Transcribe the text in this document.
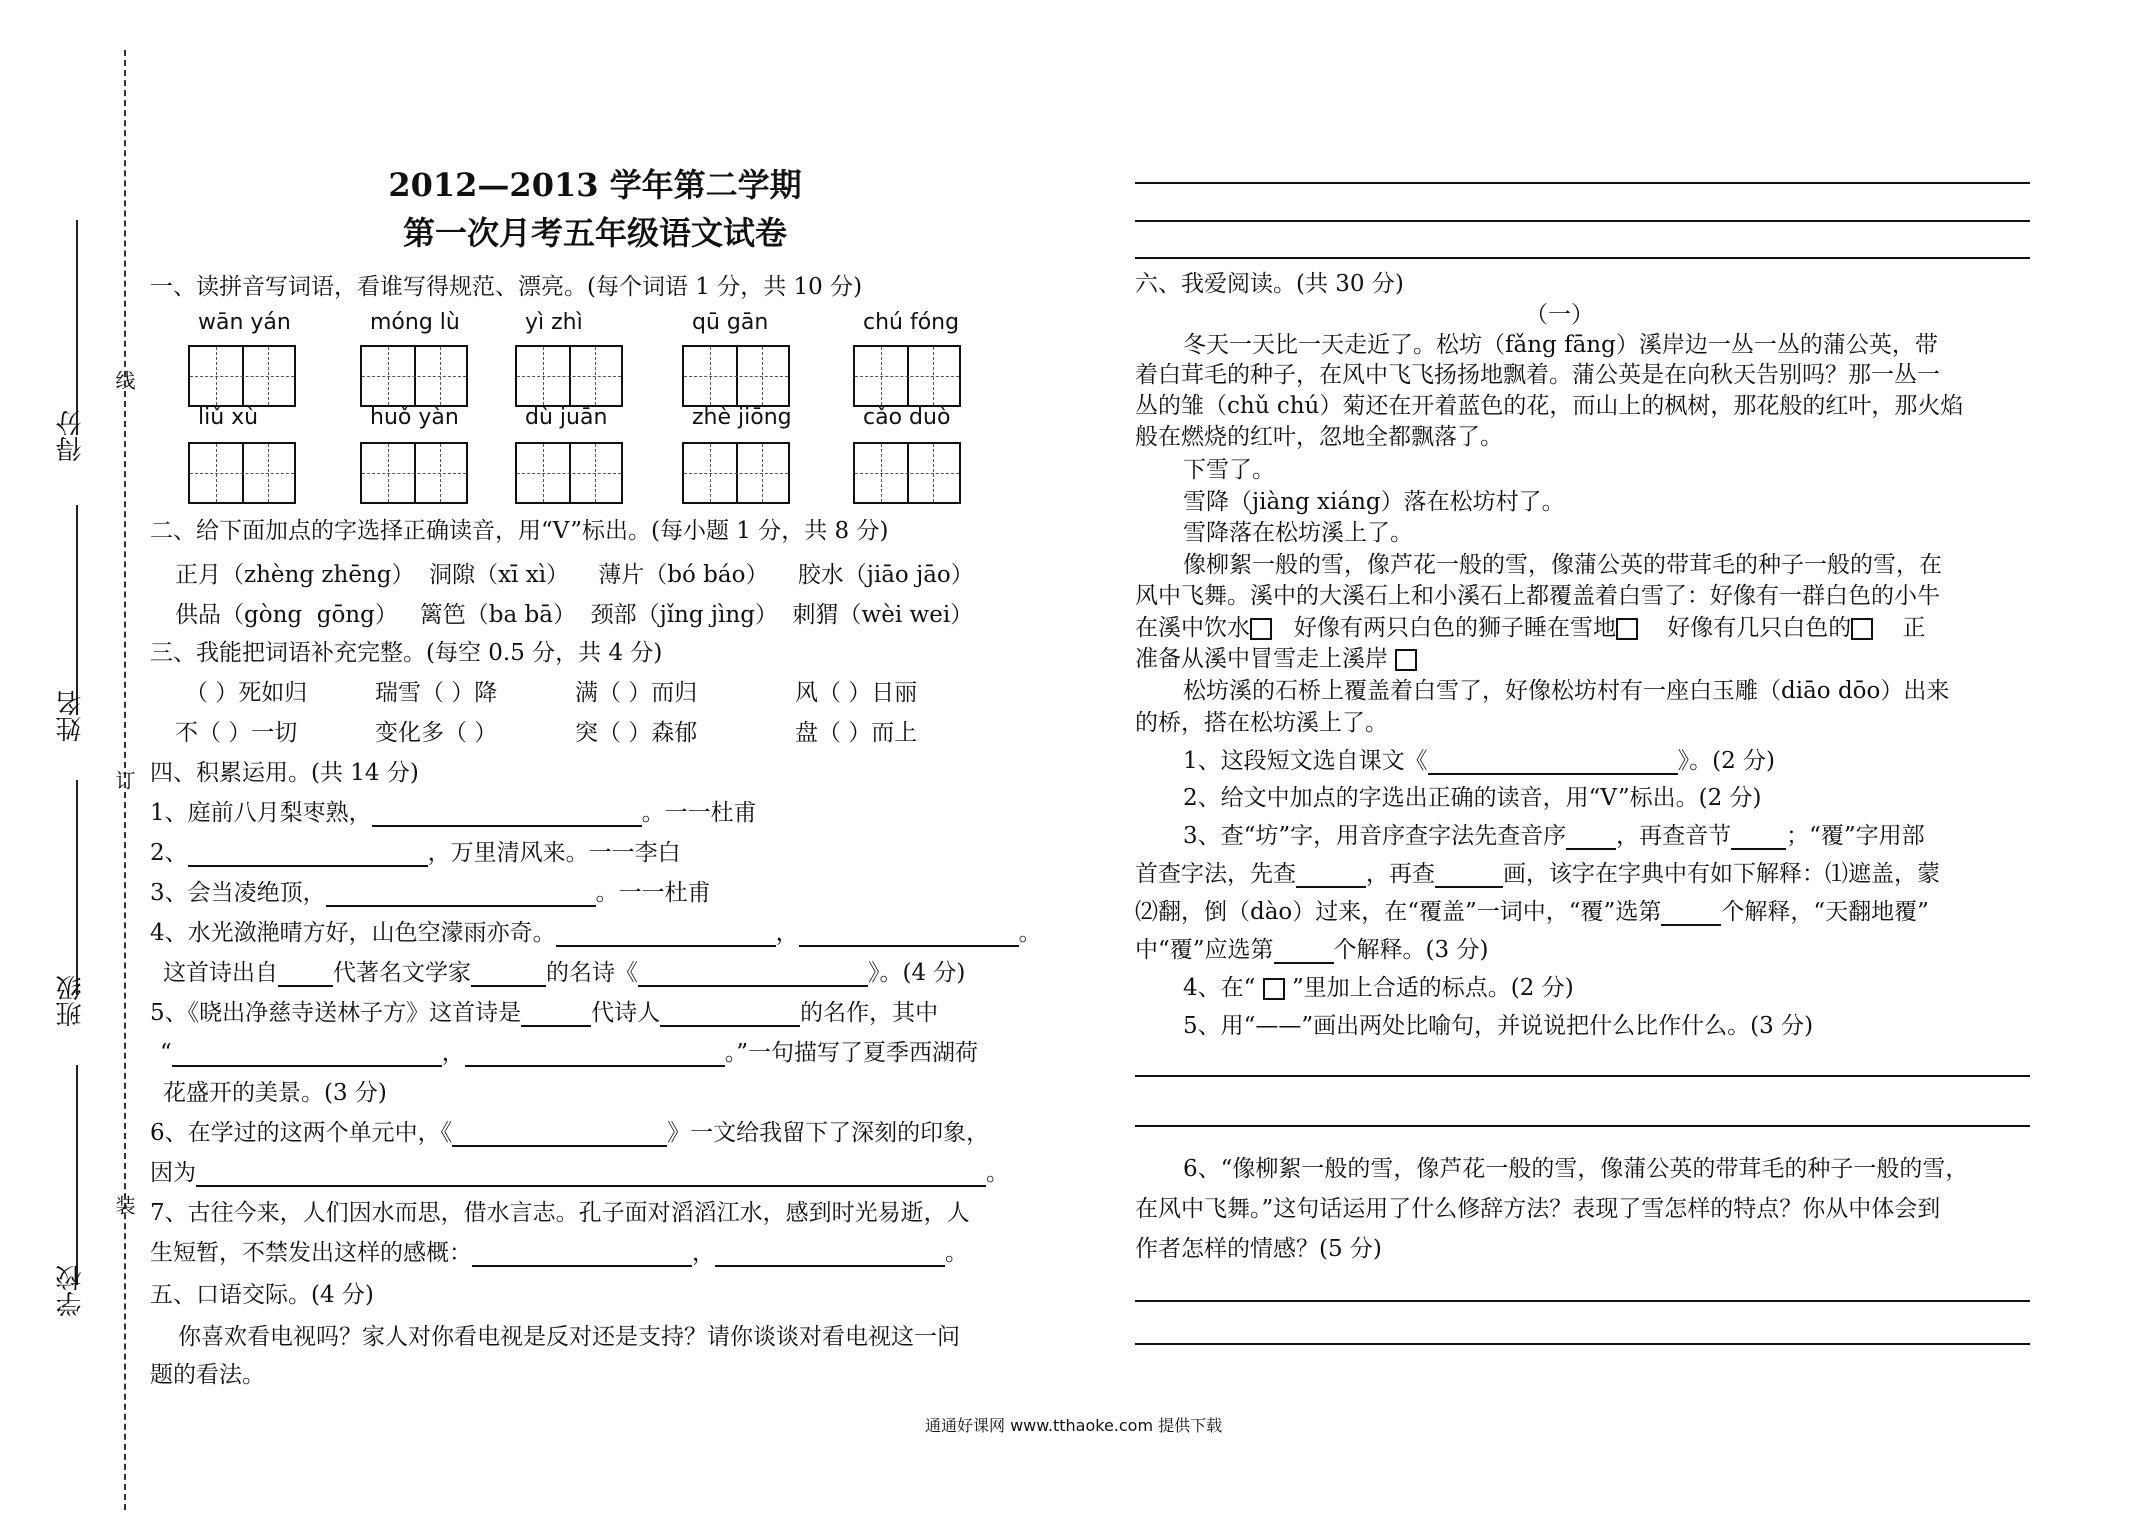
得分
姓名
班级
学校
线
订
装
2012—2013 学年第二学期
第一次月考五年级语文试卷
一、读拼音写词语，看谁写得规范、漂亮。(每个词语 1 分，共 10 分)
wān yán	móng lù	yì zhì	qū gān	chú fóng
liǔ xù	huǒ yàn	dù juān	zhè jiōng	cǎo duò
二、给下面加点的字选择正确读音，用“V”标出。(每小题 1 分，共 8 分)
正月（zhèng zhēng）  洞隙（xī xì）    薄片（bó báo）    胶水（jiāo jāo）
供品（gòng  gōng）   篱笆（ba bā）  颈部（jǐng jìng）  刺猬（wèi wei）
三、我能把词语补充完整。(每空 0.5 分，共 4 分)
（ ）死如归	瑞雪（ ）降	满（ ）而归	风（ ）日丽
不（ ）一切	变化多（ ）	突（ ）森郁	盘（ ）而上
四、积累运用。(共 14 分)
1、庭前八月梨枣熟，	。一一杜甫
2、	，万里清风来。一一李白
3、会当凌绝顶，	。一一杜甫
4、水光潋滟晴方好，山色空濛雨亦奇。	，	。
这首诗出自 代著名文学家	的名诗《	》。(4 分)
5、《晓出净慈寺送林子方》这首诗是	代诗人	的名作，其中
“	，	。”一句描写了夏季西湖荷
花盛开的美景。(3 分)
6、在学过的这两个单元中，《	》一文给我留下了深刻的印象，
因为	。
7、古往今来，人们因水而思，借水言志。孔子面对滔滔江水，感到时光易逝，人
生短暂，不禁发出这样的感概：	，	。
五、口语交际。(4 分)
你喜欢看电视吗？家人对你看电视是反对还是支持？请你谈谈对看电视这一问
题的看法。
六、我爱阅读。(共 30 分)
（一）
冬天一天比一天走近了。松坊（fǎng fāng）溪岸边一丛一丛的蒲公英，带
着白茸毛的种子，在风中飞飞扬扬地飘着。蒲公英是在向秋天告别吗？那一丛一
丛的雏（chǔ chú）菊还在开着蓝色的花，而山上的枫树，那花般的红叶，那火焰
般在燃烧的红叶，忽地全都飘落了。
下雪了。
雪降（jiàng xiáng）落在松坊村了。
雪降落在松坊溪上了。
像柳絮一般的雪，像芦花一般的雪，像蒲公英的带茸毛的种子一般的雪，在
风中飞舞。溪中的大溪石上和小溪石上都覆盖着白雪了：好像有一群白色的小牛
在溪中饮水 好像有两只白色的狮子睡在雪地 好像有几只白色的 正
准备从溪中冒雪走上溪岸
松坊溪的石桥上覆盖着白雪了，好像松坊村有一座白玉雕（diāo dōo）出来
的桥，搭在松坊溪上了。
1、这段短文选自课文《	》。(2 分)
2、给文中加点的字选出正确的读音，用“V”标出。(2 分)
3、查“坊”字，用音序查字法先查音序 ，再查音节 ；“覆”字用部
首查字法，先查	，再查	画，该字在字典中有如下解释：⑴遮盖，蒙
⑵翻，倒（dào）过来，在“覆盖”一词中，“覆”选第	个解释，“天翻地覆”
中“覆”应选第	个解释。(3 分)
4、在“ ”里加上合适的标点。(2 分)
5、用“——”画出两处比喻句，并说说把什么比作什么。(3 分)
6、“像柳絮一般的雪，像芦花一般的雪，像蒲公英的带茸毛的种子一般的雪，
在风中飞舞。”这句话运用了什么修辞方法？表现了雪怎样的特点？你从中体会到
作者怎样的情感？(5 分)
通通好课网 www.tthaoke.com 提供下载
